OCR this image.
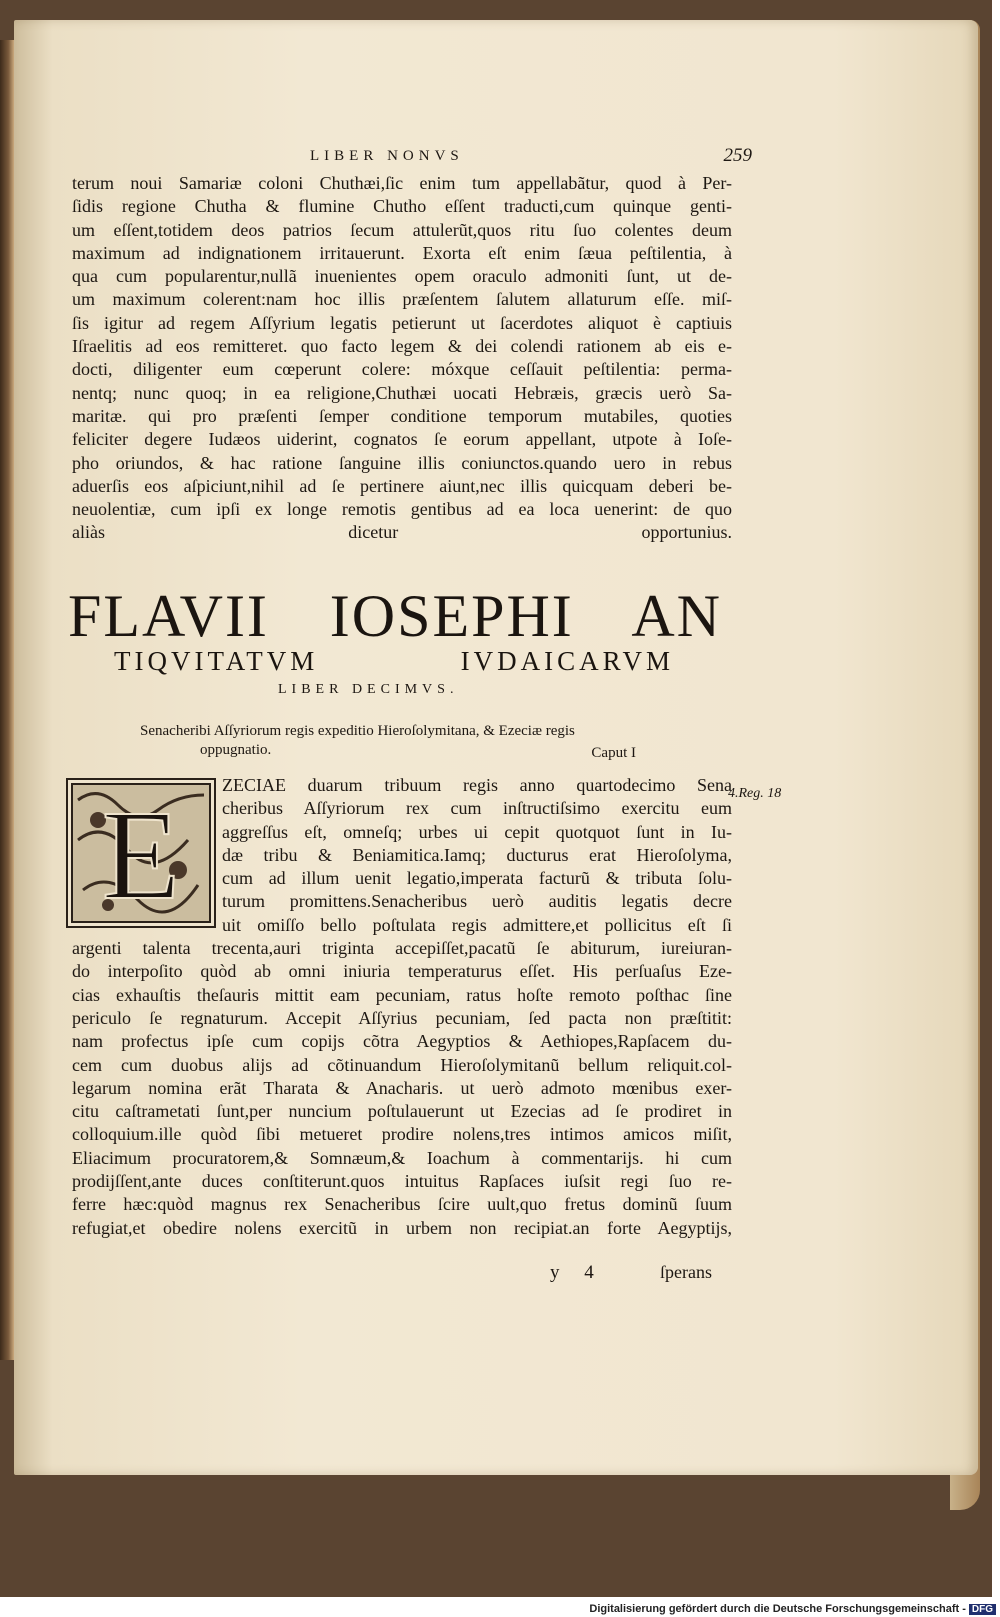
LIBER NONVS	259
terum noui Samariæ coloni Chuthæi,ſic enim tum appellabãtur, quod à Per-
ſidis regione Chutha & flumine Chutho eſſent traducti,cum quinque genti-
um eſſent,totidem deos patrios ſecum attulerũt,quos ritu ſuo colentes deum
maximum ad indignationem irritauerunt. Exorta eſt enim ſæua peſtilentia, à
qua cum popularentur,nullã inuenientes opem oraculo admoniti ſunt, ut de-
um maximum colerent:nam hoc illis præſentem ſalutem allaturum eſſe. miſ-
ſis igitur ad regem Aſſyrium legatis petierunt ut ſacerdotes aliquot è captiuis
Iſraelitis ad eos remitteret. quo facto legem & dei colendi rationem ab eis e-
docti, diligenter eum cœperunt colere: móxque ceſſauit peſtilentia: perma-
nentq; nunc quoq; in ea religione,Chuthæi uocati Hebræis, græcis uerò Sa-
maritæ. qui pro præſenti ſemper conditione temporum mutabiles, quoties
feliciter degere Iudæos uiderint, cognatos ſe eorum appellant, utpote à Ioſe-
pho oriundos, & hac ratione ſanguine illis coniunctos.quando uero in rebus
aduerſis eos aſpiciunt,nihil ad ſe pertinere aiunt,nec illis quicquam deberi be-
neuolentiæ, cum ipſi ex longe remotis gentibus ad ea loca uenerint: de quo
aliàs dicetur opportunius.
FLAVII IOSEPHI AN
TIQVITATVM IVDAICARVM
LIBER DECIMVS.
Senacheribi Aſſyriorum regis expeditio Hieroſolymitana, & Ezeciæ regis
oppugnatio.	Caput I
E	4.Reg. 18
ZECIAE duarum tribuum regis anno quartodecimo Sena
cheribus Aſſyriorum rex cum inſtructiſsimo exercitu eum
aggreſſus eſt, omneſq; urbes ui cepit quotquot ſunt in Iu-
dæ tribu & Beniamitica.Iamq; ducturus erat Hieroſolyma,
cum ad illum uenit legatio,imperata facturũ & tributa ſolu-
turum promittens.Senacheribus uerò auditis legatis decre
uit omiſſo bello poſtulata regis admittere,et pollicitus eſt ſi
argenti talenta trecenta,auri triginta accepiſſet,pacatũ ſe abiturum, iureiuran-
do interpoſito quòd ab omni iniuria temperaturus eſſet. His perſuaſus Eze-
cias exhauſtis theſauris mittit eam pecuniam, ratus hoſte remoto poſthac ſine
periculo ſe regnaturum. Accepit Aſſyrius pecuniam, ſed pacta non præſtitit:
nam profectus ipſe cum copijs cõtra Aegyptios & Aethiopes,Rapſacem du-
cem cum duobus alijs ad cõtinuandum Hieroſolymitanũ bellum reliquit.col-
legarum nomina erãt Tharata & Anacharis. ut uerò admoto mœnibus exer-
citu caſtrametati ſunt,per nuncium poſtulauerunt ut Ezecias ad ſe prodiret in
colloquium.ille quòd ſibi metueret prodire nolens,tres intimos amicos miſit,
Eliacimum procuratorem,& Somnæum,& Ioachum à commentarijs. hi cum
prodijſſent,ante duces conſtiterunt.quos intuitus Rapſaces iuſsit regi ſuo re-
ferre hæc:quòd magnus rex Senacheribus ſcire uult,quo fretus dominũ ſuum
refugiat,et obedire nolens exercitũ in urbem non recipiat.an forte Aegyptijs,
y 4	ſperans
Digitalisierung gefördert durch die Deutsche Forschungsgemeinschaft - DFG
